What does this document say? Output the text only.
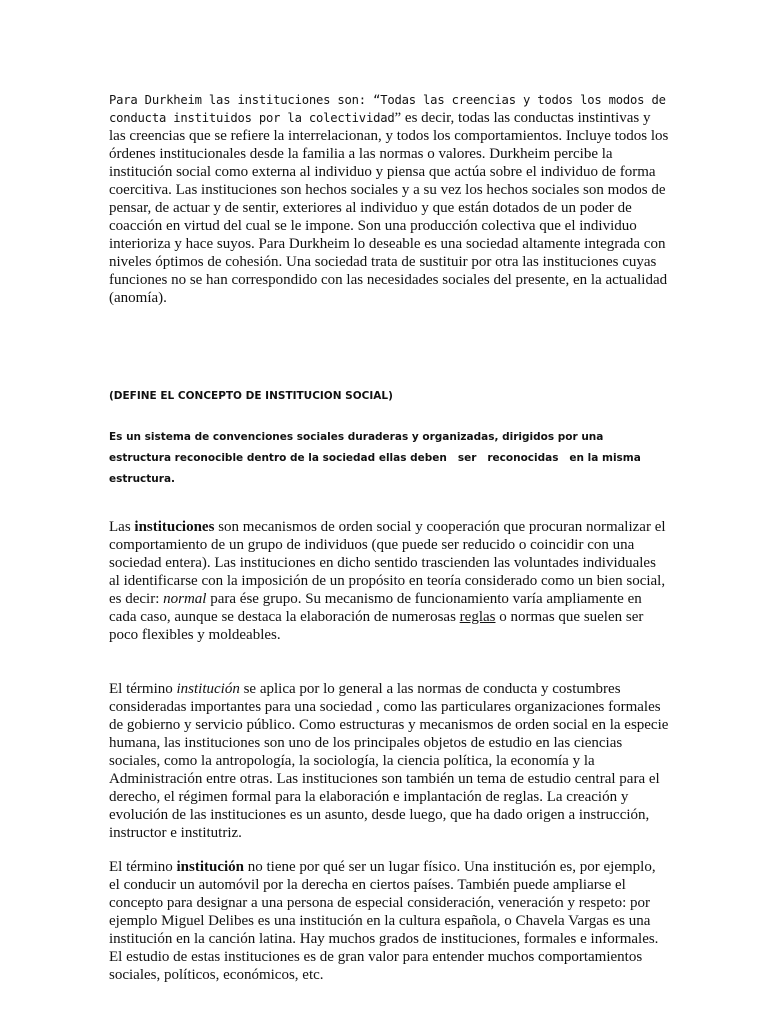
Para Durkheim las instituciones son: “Todas las creencias y todos los modos de
conducta instituidos por la colectividad” es decir, todas las conductas instintivas y las creencias que se refiere la interrelacionan, y todos los comportamientos. Incluye todos los órdenes institucionales desde la familia a las normas o valores. Durkheim percibe la institución social como externa al individuo y piensa que actúa sobre el individuo de forma coercitiva. Las instituciones son hechos sociales y a su vez los hechos sociales son modos de pensar, de actuar y de sentir, exteriores al individuo y que están dotados de un poder de coacción en virtud del cual se le impone. Son una producción colectiva que el individuo interioriza y hace suyos. Para Durkheim lo deseable es una sociedad altamente integrada con niveles óptimos de cohesión. Una sociedad trata de sustituir por otra las instituciones cuyas funciones no se han correspondido con las necesidades sociales del presente, en la actualidad (anomía).

(DEFINE EL CONCEPTO DE INSTITUCION SOCIAL)

Es un sistema de convenciones sociales duraderas y organizadas, dirigidos por una estructura reconocible dentro de la sociedad ellas deben   ser   reconocidas   en la misma estructura.

Las instituciones son mecanismos de orden social y cooperación que procuran normalizar el comportamiento de un grupo de individuos (que puede ser reducido o coincidir con una sociedad entera). Las instituciones en dicho sentido trascienden las voluntades individuales al identificarse con la imposición de un propósito en teoría considerado como un bien social, es decir: normal para ése grupo. Su mecanismo de funcionamiento varía ampliamente en cada caso, aunque se destaca la elaboración de numerosas reglas o normas que suelen ser poco flexibles y moldeables.

El término institución se aplica por lo general a las normas de conducta y costumbres consideradas importantes para una sociedad , como las particulares organizaciones formales de gobierno y servicio público. Como estructuras y mecanismos de orden social en la especie humana, las instituciones son uno de los principales objetos de estudio en las ciencias sociales, como la antropología, la sociología, la ciencia política, la economía y la Administración entre otras. Las instituciones son también un tema de estudio central para el derecho, el régimen formal para la elaboración e implantación de reglas. La creación y evolución de las instituciones es un asunto, desde luego, que ha dado origen a instrucción, instructor e institutriz.

El término institución no tiene por qué ser un lugar físico. Una institución es, por ejemplo, el conducir un automóvil por la derecha en ciertos países. También puede ampliarse el concepto para designar a una persona de especial consideración, veneración y respeto: por ejemplo Miguel Delibes es una institución en la cultura española, o Chavela Vargas es una institución en la canción latina. Hay muchos grados de instituciones, formales e informales. El estudio de estas instituciones es de gran valor para entender muchos comportamientos sociales, políticos, económicos, etc.
